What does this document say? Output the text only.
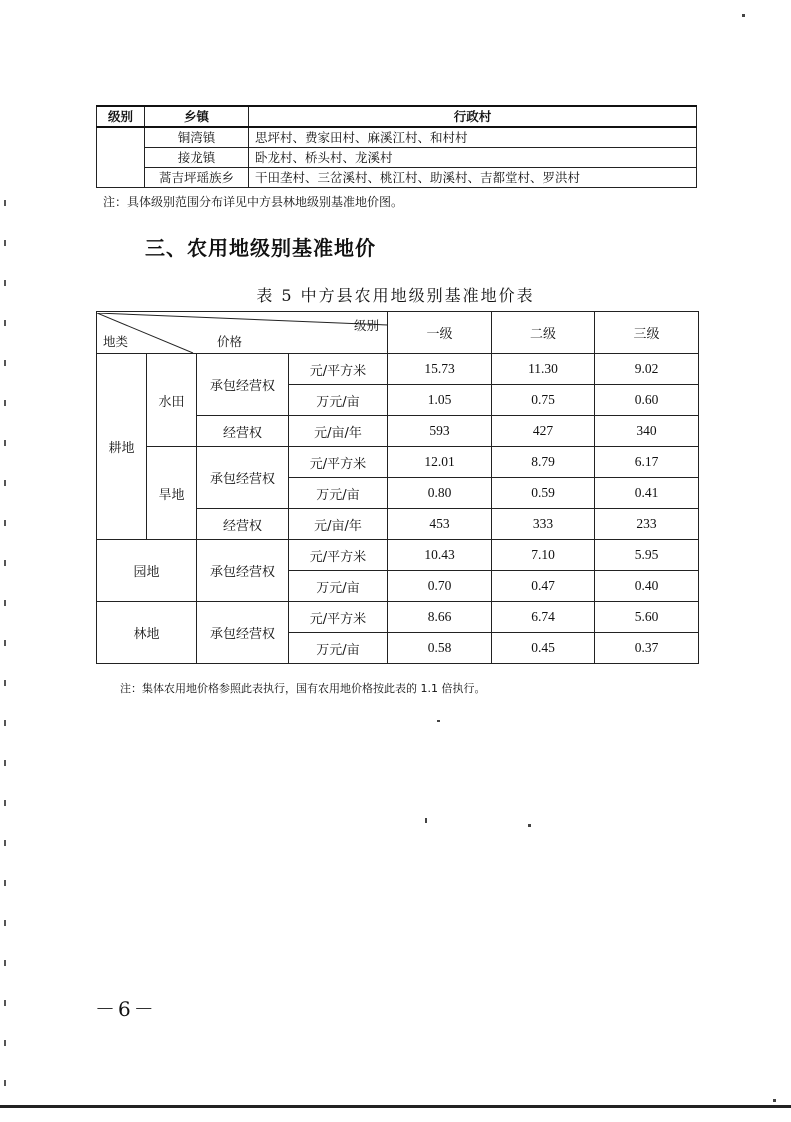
级别	乡镇	行政村
	铜湾镇	思坪村、费家田村、麻溪江村、和村村
	接龙镇	卧龙村、桥头村、龙溪村
	蒿吉坪瑶族乡	干田垄村、三岔溪村、桃江村、助溪村、吉都堂村、罗洪村
注：具体级别范围分布详见中方县林地级别基准地价图。
三、农用地级别基准地价
表 5 中方县农用地级别基准地价表
级别
价格
地类				一级	二级	三级
耕地	水田	承包经营权	元/平方米	15.73	11.30	9.02
			万元/亩	1.05	0.75	0.60
		经营权	元/亩/年	593	427	340
	旱地	承包经营权	元/平方米	12.01	8.79	6.17
			万元/亩	0.80	0.59	0.41
		经营权	元/亩/年	453	333	233
园地		承包经营权	元/平方米	10.43	7.10	5.95
			万元/亩	0.70	0.47	0.40
林地		承包经营权	元/平方米	8.66	6.74	5.60
			万元/亩	0.58	0.45	0.37
注：集体农用地价格参照此表执行，国有农用地价格按此表的 1.1 倍执行。
－6－
